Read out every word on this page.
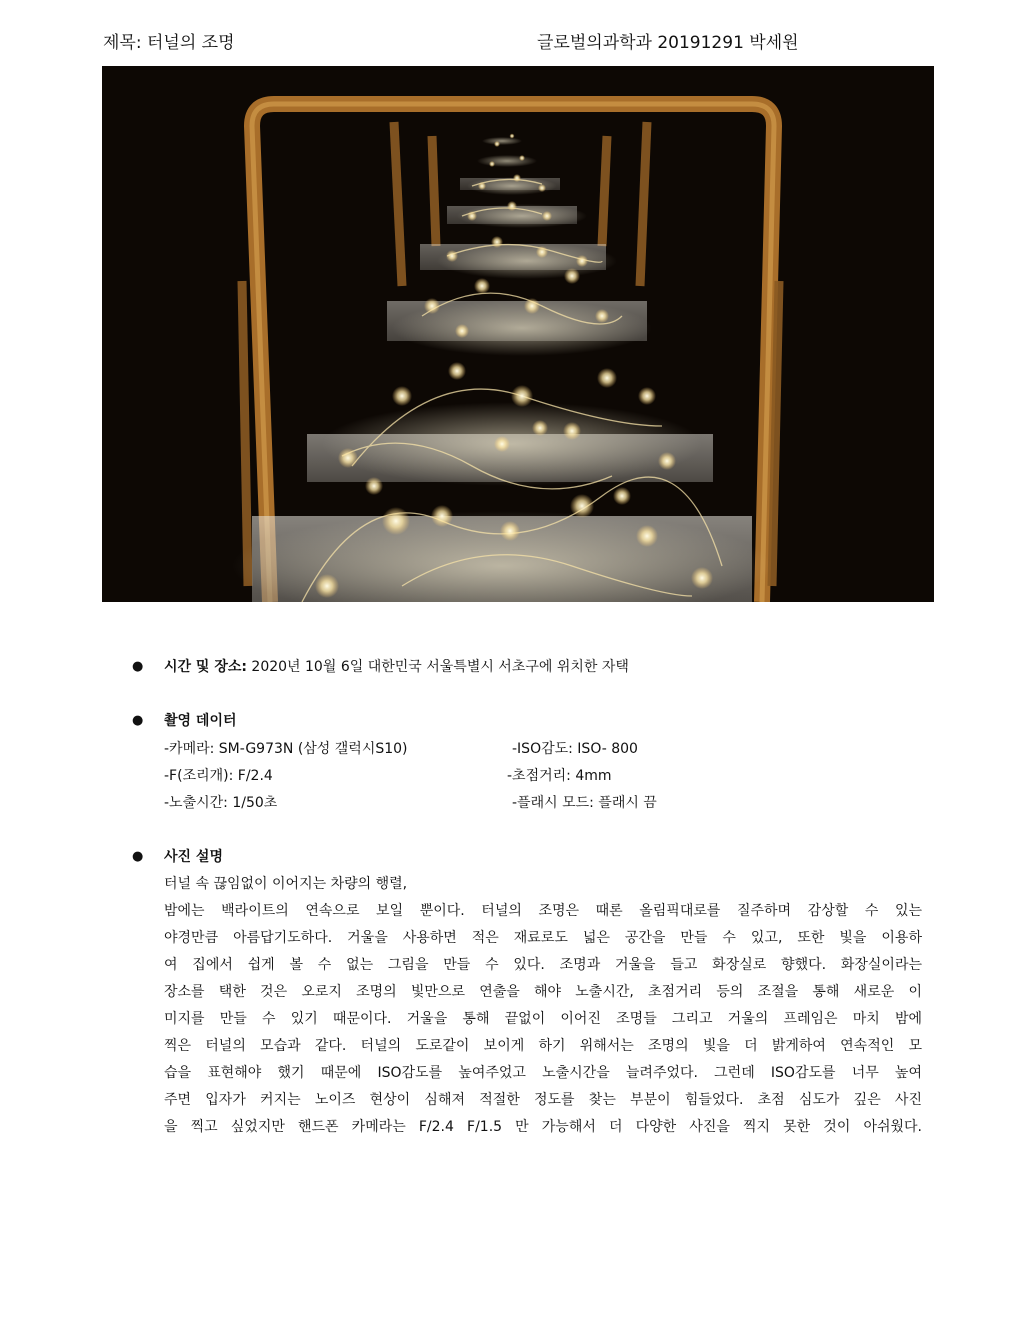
제목: 터널의 조명	글로벌의과학과 20191291 박세원
● 시간 및 장소: 2020년 10월 6일 대한민국 서울특별시 서초구에 위치한 자택
● 촬영 데이터
-카메라: SM-G973N (삼성 갤럭시S10)	-ISO감도: ISO- 800
-F(조리개): F/2.4	-초점거리: 4mm
-노출시간: 1/50초	-플래시 모드: 플래시 끔
● 사진 설명
터널 속 끊임없이 이어지는 차량의 행렬,
밤에는 백라이트의 연속으로 보일 뿐이다. 터널의 조명은 때론 올림픽대로를 질주하며 감상할 수 있는
야경만큼 아름답기도하다. 거울을 사용하면 적은 재료로도 넓은 공간을 만들 수 있고, 또한 빛을 이용하
여 집에서 쉽게 볼 수 없는 그림을 만들 수 있다. 조명과 거울을 들고 화장실로 향했다. 화장실이라는
장소를 택한 것은 오로지 조명의 빛만으로 연출을 해야 노출시간, 초점거리 등의 조절을 통해 새로운 이
미지를 만들 수 있기 때문이다. 거울을 통해 끝없이 이어진 조명들 그리고 거울의 프레임은 마치 밤에
찍은 터널의 모습과 같다. 터널의 도로같이 보이게 하기 위해서는 조명의 빛을 더 밝게하여 연속적인 모
습을 표현해야 했기 때문에 ISO감도를 높여주었고 노출시간을 늘려주었다. 그런데 ISO감도를 너무 높여
주면 입자가 커지는 노이즈 현상이 심해져 적절한 정도를 찾는 부분이 힘들었다. 초점 심도가 깊은 사진
을 찍고 싶었지만 핸드폰 카메라는 F/2.4 F/1.5 만 가능해서 더 다양한 사진을 찍지 못한 것이 아쉬웠다.
